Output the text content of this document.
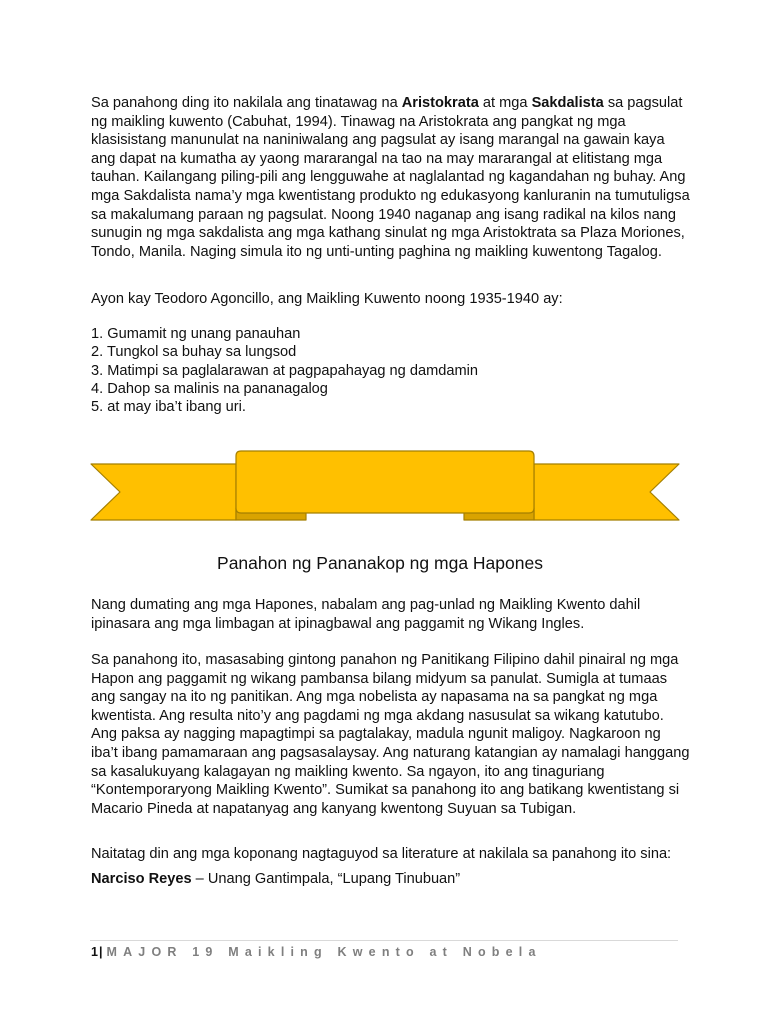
Sa panahong ding ito nakilala ang tinatawag na Aristokrata at mga Sakdalista sa pagsulat ng maikling kuwento (Cabuhat, 1994). Tinawag na Aristokrata ang pangkat ng mga klasisistang manunulat na naniniwalang ang pagsulat ay isang marangal na gawain kaya ang dapat na kumatha ay yaong mararangal na tao na may mararangal at elitistang mga tauhan. Kailangang piling-pili ang lengguwahe at naglalantad ng kagandahan ng buhay. Ang mga Sakdalista nama’y mga kwentistang produkto ng edukasyong kanluranin na tumutuligsa sa makalumang paraan ng pagsulat. Noong 1940 naganap ang isang radikal na kilos nang sunugin ng mga sakdalista ang mga kathang sinulat ng mga Aristoktrata sa Plaza Moriones, Tondo, Manila. Naging simula ito ng unti-unting paghina ng maikling kuwentong Tagalog.

Ayon kay Teodoro Agoncillo, ang Maikling Kuwento noong 1935-1940 ay:

1. Gumamit ng unang panauhan
2. Tungkol sa buhay sa lungsod
3. Matimpi sa paglalarawan at pagpapahayag ng damdamin
4. Dahop sa malinis na pananagalog
5. at may iba’t ibang uri.
Panahon ng Pananakop ng mga Hapones

Nang dumating ang mga Hapones, nabalam ang pag-unlad ng Maikling Kwento dahil ipinasara ang mga limbagan at ipinagbawal ang paggamit ng Wikang Ingles.

Sa panahong ito, masasabing gintong panahon ng Panitikang Filipino dahil pinairal ng mga Hapon ang paggamit ng wikang pambansa bilang midyum sa panulat. Sumigla at tumaas ang sangay na ito ng panitikan. Ang mga nobelista ay napasama na sa pangkat ng mga kwentista. Ang resulta nito’y ang pagdami ng mga akdang nasusulat sa wikang katutubo. Ang paksa ay nagging mapagtimpi sa pagtalakay, madula ngunit maligoy. Nagkaroon ng iba’t ibang pamamaraan ang pagsasalaysay. Ang naturang katangian ay namalagi hanggang sa kasalukuyang kalagayan ng maikling kwento. Sa ngayon, ito ang tinaguriang “Kontemporaryong Maikling Kwento”. Sumikat sa panahong ito ang batikang kwentistang si Macario Pineda at napatanyag ang kanyang kwentong Suyuan sa Tubigan.

Naitatag din ang mga koponang nagtaguyod sa literature at nakilala sa panahong ito sina:

Narciso Reyes – Unang Gantimpala, “Lupang Tinubuan”

1| MAJOR 19 Maikling Kwento at Nobela
